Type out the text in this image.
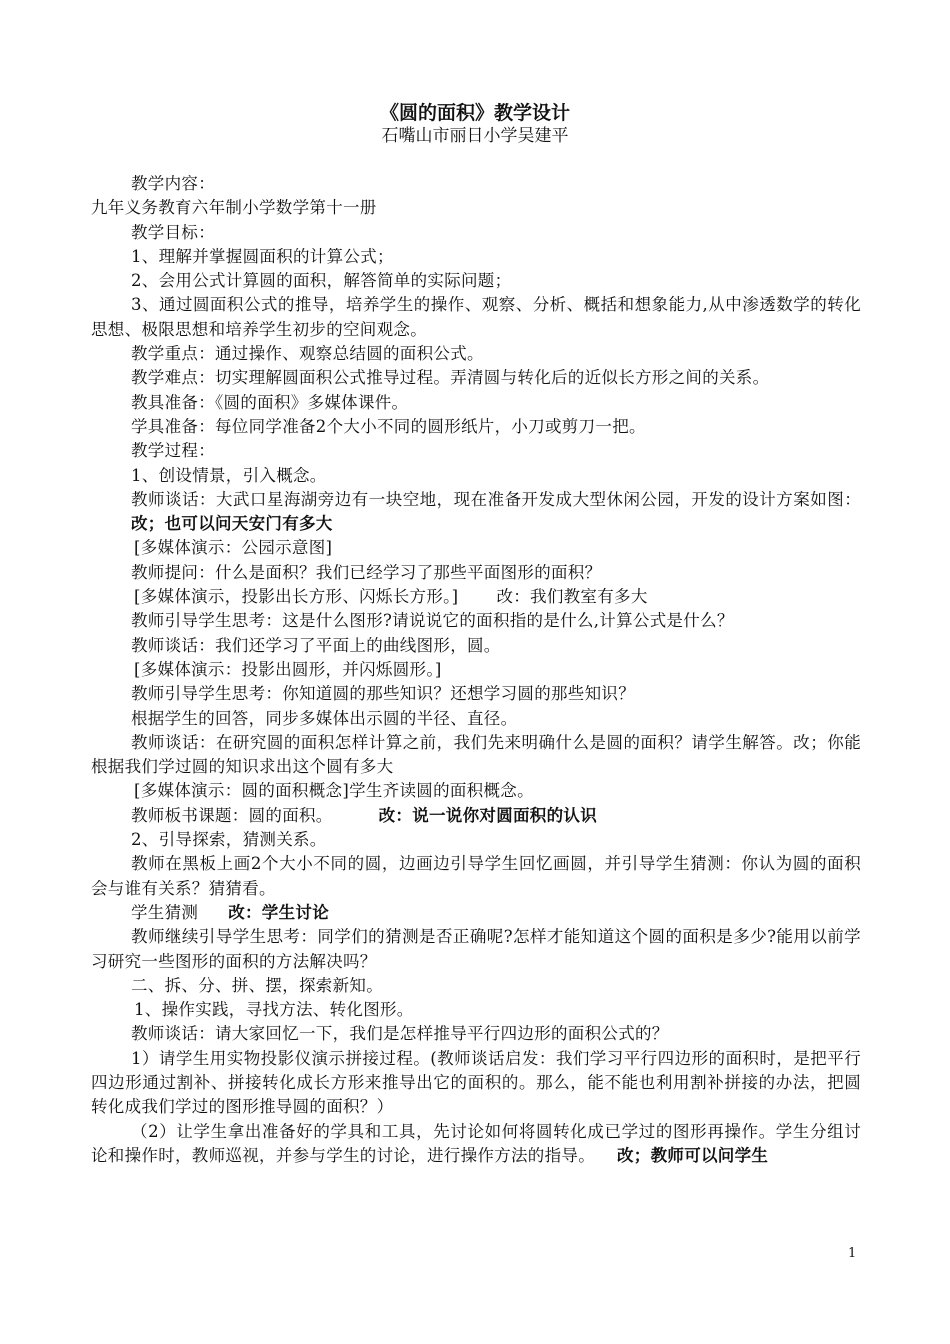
《圆的面积》教学设计
石嘴山市丽日小学吴建平

教学内容：

九年义务教育六年制小学数学第十一册

教学目标：

1、理解并掌握圆面积的计算公式；

2、会用公式计算圆的面积，解答简单的实际问题；

3、通过圆面积公式的推导，培养学生的操作、观察、分析、概括和想象能力,从中渗透数学的转化思想、极限思想和培养学生初步的空间观念。

教学重点：通过操作、观察总结圆的面积公式。

教学难点：切实理解圆面积公式推导过程。弄清圆与转化后的近似长方形之间的关系。

教具准备：《圆的面积》多媒体课件。

学具准备：每位同学准备2个大小不同的圆形纸片，小刀或剪刀一把。

教学过程：

1、创设情景，引入概念。

教师谈话：大武口星海湖旁边有一块空地，现在准备开发成大型休闲公园，开发的设计方案如图：改；也可以问天安门有多大

[多媒体演示：公园示意图]

教师提问：什么是面积？我们已经学习了那些平面图形的面积？

[多媒体演示，投影出长方形、闪烁长方形。] 改：我们教室有多大

教师引导学生思考：这是什么图形?请说说它的面积指的是什么,计算公式是什么？

教师谈话：我们还学习了平面上的曲线图形，圆。

[多媒体演示：投影出圆形，并闪烁圆形。]

教师引导学生思考：你知道圆的那些知识？还想学习圆的那些知识？

根据学生的回答，同步多媒体出示圆的半径、直径。

教师谈话：在研究圆的面积怎样计算之前，我们先来明确什么是圆的面积？请学生解答。改；你能根据我们学过圆的知识求出这个圆有多大

[多媒体演示：圆的面积概念]学生齐读圆的面积概念。

教师板书课题：圆的面积。	改：说一说你对圆面积的认识

2、引导探索，猜测关系。

教师在黑板上画2个大小不同的圆，边画边引导学生回忆画圆，并引导学生猜测：你认为圆的面积会与谁有关系？猜猜看。

学生猜测 改：学生讨论

教师继续引导学生思考：同学们的猜测是否正确呢?怎样才能知道这个圆的面积是多少?能用以前学习研究一些图形的面积的方法解决吗？

二、拆、分、拼、摆，探索新知。

1、操作实践，寻找方法、转化图形。

教师谈话：请大家回忆一下，我们是怎样推导平行四边形的面积公式的？

1）请学生用实物投影仪演示拼接过程。(教师谈话启发：我们学习平行四边形的面积时，是把平行四边形通过割补、拼接转化成长方形来推导出它的面积的。那么，能不能也利用割补拼接的办法，把圆转化成我们学过的图形推导圆的面积？）

（2）让学生拿出准备好的学具和工具，先讨论如何将圆转化成已学过的图形再操作。学生分组讨论和操作时，教师巡视，并参与学生的讨论，进行操作方法的指导。 改；教师可以问学生

1
